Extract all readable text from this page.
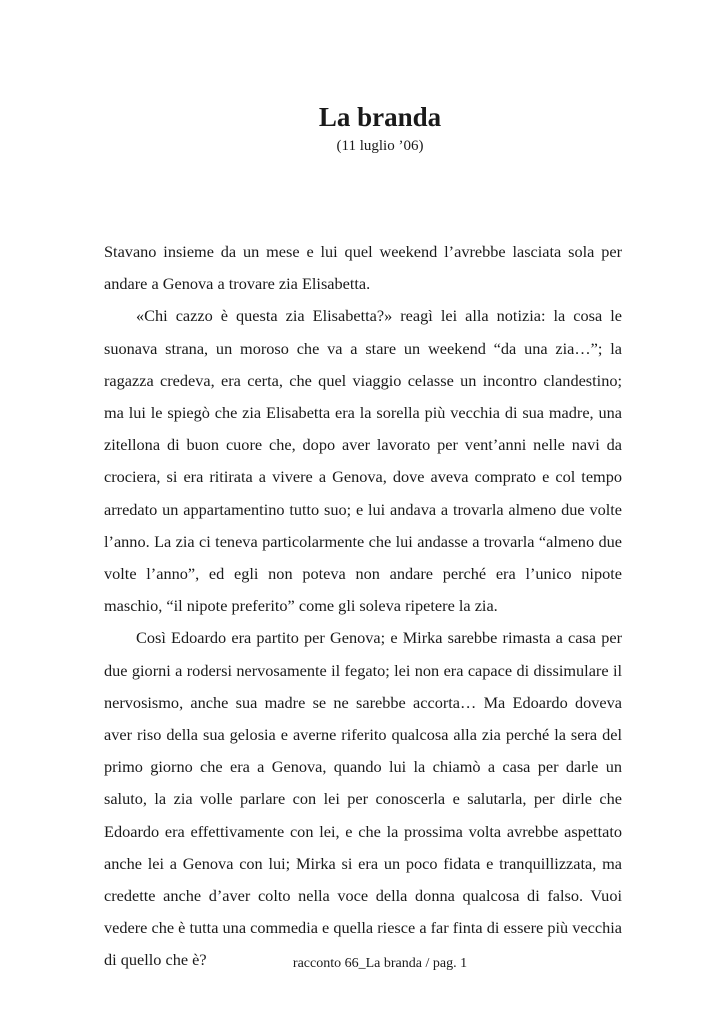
La branda
(11 luglio ’06)

Stavano insieme da un mese e lui quel weekend l’avrebbe lasciata sola per andare a Genova a trovare zia Elisabetta.

«Chi cazzo è questa zia Elisabetta?» reagì lei alla notizia: la cosa le suonava strana, un moroso che va a stare un weekend “da una zia…”; la ragazza credeva, era certa, che quel viaggio celasse un incontro clandestino; ma lui le spiegò che zia Elisabetta era la sorella più vecchia di sua madre, una zitellona di buon cuore che, dopo aver lavorato per vent’anni nelle navi da crociera, si era ritirata a vivere a Genova, dove aveva comprato e col tempo arredato un appartamentino tutto suo; e lui andava a trovarla almeno due volte l’anno. La zia ci teneva particolarmente che lui andasse a trovarla “almeno due volte l’anno”, ed egli non poteva non andare perché era l’unico nipote maschio, “il nipote preferito” come gli soleva ripetere la zia.

Così Edoardo era partito per Genova; e Mirka sarebbe rimasta a casa per due giorni a rodersi nervosamente il fegato; lei non era capace di dissimulare il nervosismo, anche sua madre se ne sarebbe accorta… Ma Edoardo doveva aver riso della sua gelosia e averne riferito qualcosa alla zia perché la sera del primo giorno che era a Genova, quando lui la chiamò a casa per darle un saluto, la zia volle parlare con lei per conoscerla e salutarla, per dirle che Edoardo era effettivamente con lei, e che la prossima volta avrebbe aspettato anche lei a Genova con lui; Mirka si era un poco fidata e tranquillizzata, ma credette anche d’aver colto nella voce della donna qualcosa di falso. Vuoi vedere che è tutta una commedia e quella riesce a far finta di essere più vecchia di quello che è?	racconto 66_La branda / pag. 1
